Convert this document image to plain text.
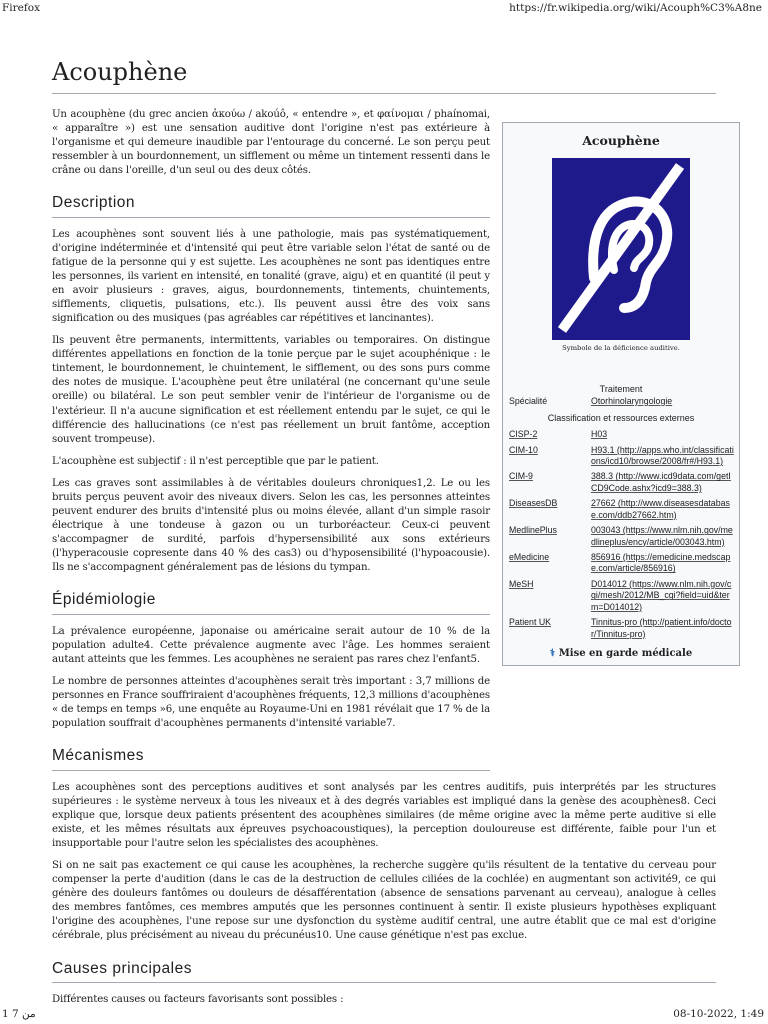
Firefox	https://fr.wikipedia.org/wiki/Acouph%C3%A8ne
Acouphène
Acouphène
Symbole de la déficience auditive.
Traitement
Spécialité	Otorhinolaryngologie
Classification et ressources externes
CISP-2	H03
CIM-10	H93.1 (http://apps.who.int/classifications/icd10/browse/2008/fr#/H93.1)
CIM-9	388.3 (http://www.icd9data.com/getICD9Code.ashx?icd9=388.3)
DiseasesDB	27662 (http://www.diseasesdatabase.com/ddb27662.htm)
MedlinePlus	003043 (https://www.nlm.nih.gov/medlineplus/ency/article/003043.htm)
eMedicine	856916 (https://emedicine.medscape.com/article/856916)
MeSH	D014012 (https://www.nlm.nih.gov/cgi/mesh/2012/MB_cgi?field=uid&term=D014012)
Patient UK	Tinnitus-pro (http://patient.info/doctor/Tinnitus-pro)
⚕ Mise en garde médicale

Un acouphène (du grec ancien ἀκούω / akoúô, « entendre », et φαίνομαι / phaínomai, « apparaître ») est une sensation auditive dont l'origine n'est pas extérieure à l'organisme et qui demeure inaudible par l'entourage du concerné. Le son perçu peut ressembler à un bourdonnement, un sifflement ou même un tintement ressenti dans le crâne ou dans l'oreille, d'un seul ou des deux côtés.

Description

Les acouphènes sont souvent liés à une pathologie, mais pas systématiquement, d'origine indéterminée et d'intensité qui peut être variable selon l'état de santé ou de fatigue de la personne qui y est sujette. Les acouphènes ne sont pas identiques entre les personnes, ils varient en intensité, en tonalité (grave, aigu) et en quantité (il peut y en avoir plusieurs : graves, aigus, bourdonnements, tintements, chuintements, sifflements, cliquetis, pulsations, etc.). Ils peuvent aussi être des voix sans signification ou des musiques (pas agréables car répétitives et lancinantes).

Ils peuvent être permanents, intermittents, variables ou temporaires. On distingue différentes appellations en fonction de la tonie perçue par le sujet acouphénique : le tintement, le bourdonnement, le chuintement, le sifflement, ou des sons purs comme des notes de musique. L'acouphène peut être unilatéral (ne concernant qu'une seule oreille) ou bilatéral. Le son peut sembler venir de l'intérieur de l'organisme ou de l'extérieur. Il n'a aucune signification et est réellement entendu par le sujet, ce qui le différencie des hallucinations (ce n'est pas réellement un bruit fantôme, acception souvent trompeuse).

L'acouphène est subjectif : il n'est perceptible que par le patient.

Les cas graves sont assimilables à de véritables douleurs chroniques1,2. Le ou les bruits perçus peuvent avoir des niveaux divers. Selon les cas, les personnes atteintes peuvent endurer des bruits d'intensité plus ou moins élevée, allant d'un simple rasoir électrique à une tondeuse à gazon ou un turboréacteur. Ceux-ci peuvent s'accompagner de surdité, parfois d'hypersensibilité aux sons extérieurs (l'hyperacousie copresente dans 40 % des cas3) ou d'hyposensibilité (l'hypoacousie). Ils ne s'accompagnent généralement pas de lésions du tympan.

Épidémiologie

La prévalence européenne, japonaise ou américaine serait autour de 10 % de la population adulte4. Cette prévalence augmente avec l'âge. Les hommes seraient autant atteints que les femmes. Les acouphènes ne seraient pas rares chez l'enfant5.

Le nombre de personnes atteintes d'acouphènes serait très important : 3,7 millions de personnes en France souffriraient d'acouphènes fréquents, 12,3 millions d'acouphènes « de temps en temps »6, une enquête au Royaume-Uni en 1981 révélait que 17 % de la population souffrait d'acouphènes permanents d'intensité variable7.

Mécanismes

Les acouphènes sont des perceptions auditives et sont analysés par les centres auditifs, puis interprétés par les structures supérieures : le système nerveux à tous les niveaux et à des degrés variables est impliqué dans la genèse des acouphènes8. Ceci explique que, lorsque deux patients présentent des acouphènes similaires (de même origine avec la même perte auditive si elle existe, et les mêmes résultats aux épreuves psychoacoustiques), la perception douloureuse est différente, faible pour l'un et insupportable pour l'autre selon les spécialistes des acouphènes.

Si on ne sait pas exactement ce qui cause les acouphènes, la recherche suggère qu'ils résultent de la tentative du cerveau pour compenser la perte d'audition (dans le cas de la destruction de cellules ciliées de la cochlée) en augmentant son activité9, ce qui génère des douleurs fantômes ou douleurs de désafférentation (absence de sensations parvenant au cerveau), analogue à celles des membres fantômes, ces membres amputés que les personnes continuent à sentir. Il existe plusieurs hypothèses expliquant l'origine des acouphènes, l'une repose sur une dysfonction du système auditif central, une autre établit que ce mal est d'origine cérébrale, plus précisément au niveau du précunéus10. Une cause génétique n'est pas exclue.

Causes principales

Différentes causes ou facteurs favorisants sont possibles :

1 من 7	08-10-2022, 1:49
